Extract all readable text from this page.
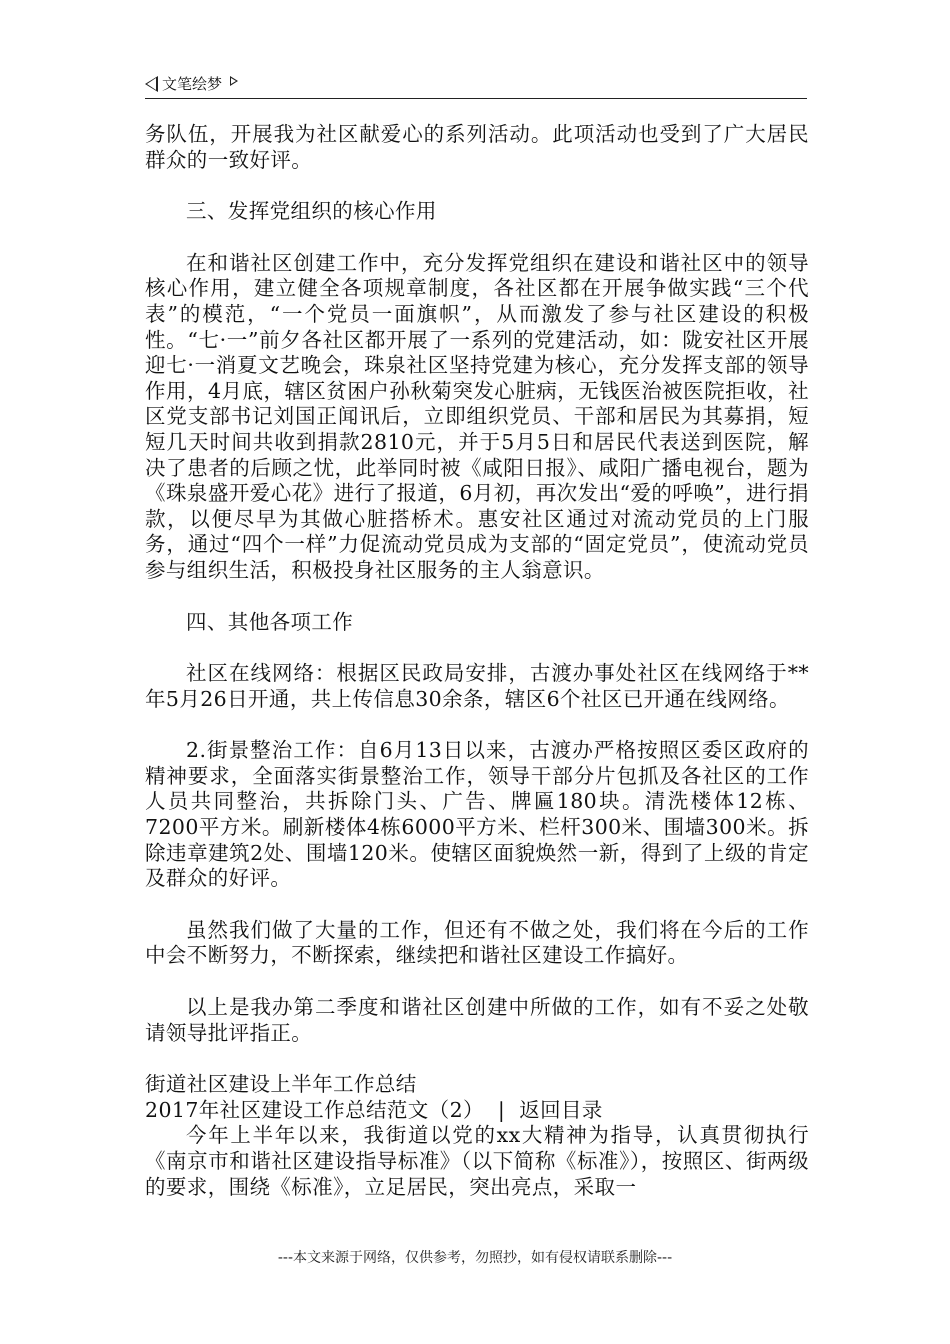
文笔绘梦

务队伍，开展我为社区献爱心的系列活动。此项活动也受到了广大居民群众的一致好评。

三、发挥党组织的核心作用

在和谐社区创建工作中，充分发挥党组织在建设和谐社区中的领导核心作用，建立健全各项规章制度，各社区都在开展争做实践“三个代表”的模范，“一个党员一面旗帜”，从而激发了参与社区建设的积极性。“七·一”前夕各社区都开展了一系列的党建活动，如：陇安社区开展迎七·一消夏文艺晚会，珠泉社区坚持党建为核心，充分发挥支部的领导作用，4月底，辖区贫困户孙秋菊突发心脏病，无钱医治被医院拒收，社区党支部书记刘国正闻讯后，立即组织党员、干部和居民为其募捐，短短几天时间共收到捐款2810元，并于5月5日和居民代表送到医院，解决了患者的后顾之忧，此举同时被《咸阳日报》、咸阳广播电视台，题为《珠泉盛开爱心花》进行了报道，6月初，再次发出“爱的呼唤”，进行捐款，以便尽早为其做心脏搭桥术。惠安社区通过对流动党员的上门服务，通过“四个一样”力促流动党员成为支部的“固定党员”，使流动党员参与组织生活，积极投身社区服务的主人翁意识。

四、其他各项工作

社区在线网络：根据区民政局安排，古渡办事处社区在线网络于**年5月26日开通，共上传信息30余条，辖区6个社区已开通在线网络。

2.街景整治工作：自6月13日以来，古渡办严格按照区委区政府的精神要求，全面落实街景整治工作，领导干部分片包抓及各社区的工作人员共同整治，共拆除门头、广告、牌匾180块。清洗楼体12栋、7200平方米。刷新楼体4栋6000平方米、栏杆300米、围墙300米。拆除违章建筑2处、围墙120米。使辖区面貌焕然一新，得到了上级的肯定及群众的好评。

虽然我们做了大量的工作，但还有不做之处，我们将在今后的工作中会不断努力，不断探索，继续把和谐社区建设工作搞好。

以上是我办第二季度和谐社区创建中所做的工作，如有不妥之处敬请领导批评指正。

街道社区建设上半年工作总结

2017年社区建设工作总结范文（2） | 返回目录

今年上半年以来，我街道以党的xx大精神为指导，认真贯彻执行《南京市和谐社区建设指导标准》（以下简称《标准》），按照区、街两级的要求，围绕《标准》，立足居民，突出亮点，采取一

---本文来源于网络，仅供参考，勿照抄，如有侵权请联系删除---
